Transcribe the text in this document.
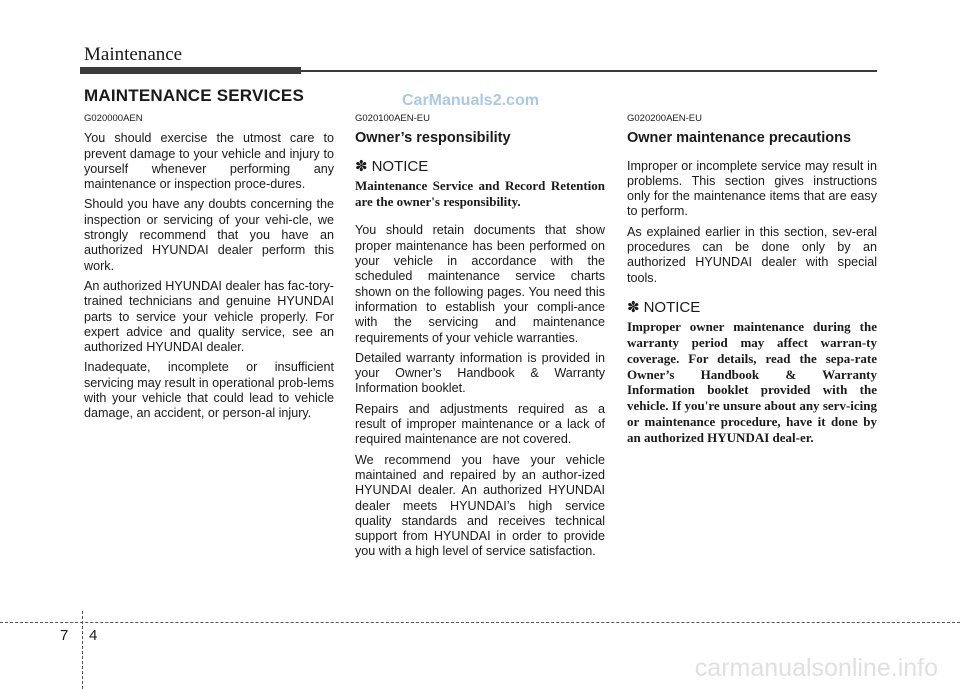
Maintenance
MAINTENANCE SERVICES	CarManuals2.com
G020000AEN

You should exercise the utmost care to prevent damage to your vehicle and injury to yourself whenever performing any maintenance or inspection proce-dures.

Should you have any doubts concerning the inspection or servicing of your vehi-cle, we strongly recommend that you have an authorized HYUNDAI dealer perform this work.

An authorized HYUNDAI dealer has fac-tory-trained technicians and genuine HYUNDAI parts to service your vehicle properly. For expert advice and quality service, see an authorized HYUNDAI dealer.

Inadequate, incomplete or insufficient servicing may result in operational prob-lems with your vehicle that could lead to vehicle damage, an accident, or person-al injury.

G020100AEN-EU
Owner’s responsibility
✽ NOTICE
Maintenance Service and Record Retention are the owner's responsibility.

You should retain documents that show proper maintenance has been performed on your vehicle in accordance with the scheduled maintenance service charts shown on the following pages. You need this information to establish your compli-ance with the servicing and maintenance requirements of your vehicle warranties.

Detailed warranty information is provided in your Owner’s Handbook & Warranty Information booklet.

Repairs and adjustments required as a result of improper maintenance or a lack of required maintenance are not covered.

We recommend you have your vehicle maintained and repaired by an author-ized HYUNDAI dealer. An authorized HYUNDAI dealer meets HYUNDAI’s high service quality standards and receives technical support from HYUNDAI in order to provide you with a high level of service satisfaction.

G020200AEN-EU
Owner maintenance precautions

Improper or incomplete service may result in problems. This section gives instructions only for the maintenance items that are easy to perform.

As explained earlier in this section, sev-eral procedures can be done only by an authorized HYUNDAI dealer with special tools.

✽ NOTICE
Improper owner maintenance during the warranty period may affect warran-ty coverage. For details, read the sepa-rate Owner’s Handbook & Warranty Information booklet provided with the vehicle. If you're unsure about any serv-icing or maintenance procedure, have it done by an authorized HYUNDAI deal-er.
7 4
carmanualsonline.info
